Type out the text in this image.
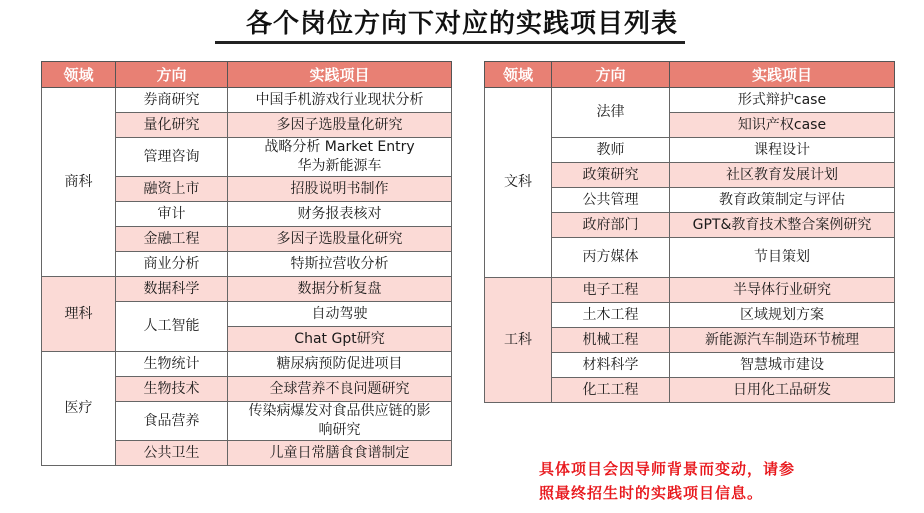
各个岗位方向下对应的实践项目列表
领域	方向	实践项目
商科	券商研究	中国手机游戏行业现状分析
	量化研究	多因子选股量化研究
	管理咨询	战略分析 Market Entry
华为新能源车
	融资上市	招股说明书制作
	审计	财务报表核对
	金融工程	多因子选股量化研究
	商业分析	特斯拉营收分析
理科	数据科学	数据分析复盘
	人工智能	自动驾驶
		Chat Gpt研究
医疗	生物统计	糖尿病预防促进项目
	生物技术	全球营养不良问题研究
	食品营养	传染病爆发对食品供应链的影
响研究
	公共卫生	儿童日常膳食食谱制定
领域	方向	实践项目
文科	法律	形式辩护case
		知识产权case
	教师	课程设计
	政策研究	社区教育发展计划
	公共管理	教育政策制定与评估
	政府部门	GPT&教育技术整合案例研究
	丙方媒体	节目策划
工科	电子工程	半导体行业研究
	土木工程	区域规划方案
	机械工程	新能源汽车制造环节梳理
	材料科学	智慧城市建设
	化工工程	日用化工品研发
具体项目会因导师背景而变动，请参
照最终招生时的实践项目信息。
